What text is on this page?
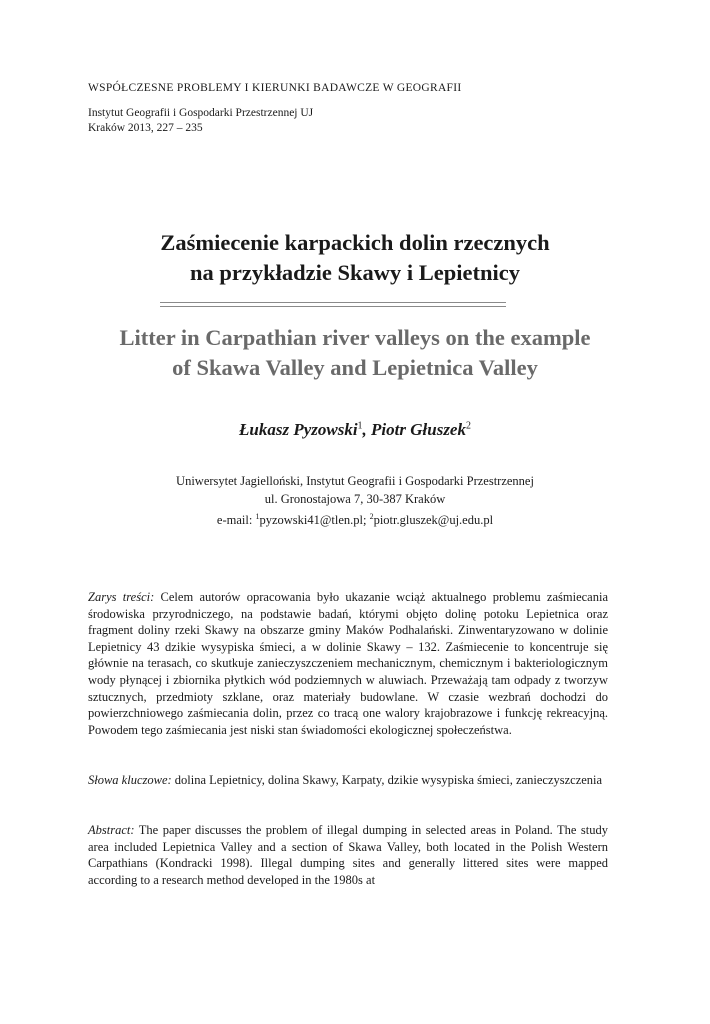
WSPÓŁCZESNE PROBLEMY I KIERUNKI BADAWCZE W GEOGRAFII

Instytut Geografii i Gospodarki Przestrzennej UJ

Kraków 2013, 227 – 235

Zaśmiecenie karpackich dolin rzecznych
na przykładzie Skawy i Lepietnicy
Litter in Carpathian river valleys on the example
of Skawa Valley and Lepietnica Valley

Łukasz Pyzowski$^1$, Piotr Głuszek$^2$

Uniwersytet Jagielloński, Instytut Geografii i Gospodarki Przestrzennej

ul. Gronostajowa 7, 30-387 Kraków

e-mail: $^1$pyzowski41@tlen.pl; $^2$piotr.gluszek@uj.edu.pl

Zarys treści: Celem autorów opracowania było ukazanie wciąż aktualnego problemu zaśmiecania środowiska przyrodniczego, na podstawie badań, którymi objęto dolinę potoku Lepietnica oraz fragment doliny rzeki Skawy na obszarze gminy Maków Podhalański. Zinwentaryzowano w dolinie Lepietnicy 43 dzikie wysypiska śmieci, a w dolinie Skawy – 132. Zaśmiecenie to koncentruje się głównie na terasach, co skutkuje zanieczyszczeniem mechanicznym, chemicznym i bakteriologicznym wody płynącej i zbiornika płytkich wód podziemnych w aluwiach. Przeważają tam odpady z tworzyw sztucznych, przedmioty szklane, oraz materiały budowlane. W czasie wezbrań dochodzi do powierzchniowego zaśmiecania dolin, przez co tracą one walory krajobrazowe i funkcję rekreacyjną. Powodem tego zaśmiecania jest niski stan świadomości ekologicznej społeczeństwa.

Słowa kluczowe: dolina Lepietnicy, dolina Skawy, Karpaty, dzikie wysypiska śmieci, zanieczyszczenia

Abstract: The paper discusses the problem of illegal dumping in selected areas in Poland. The study area included Lepietnica Valley and a section of Skawa Valley, both located in the Polish Western Carpathians (Kondracki 1998). Illegal dumping sites and generally littered sites were mapped according to a research method developed in the 1980s at
